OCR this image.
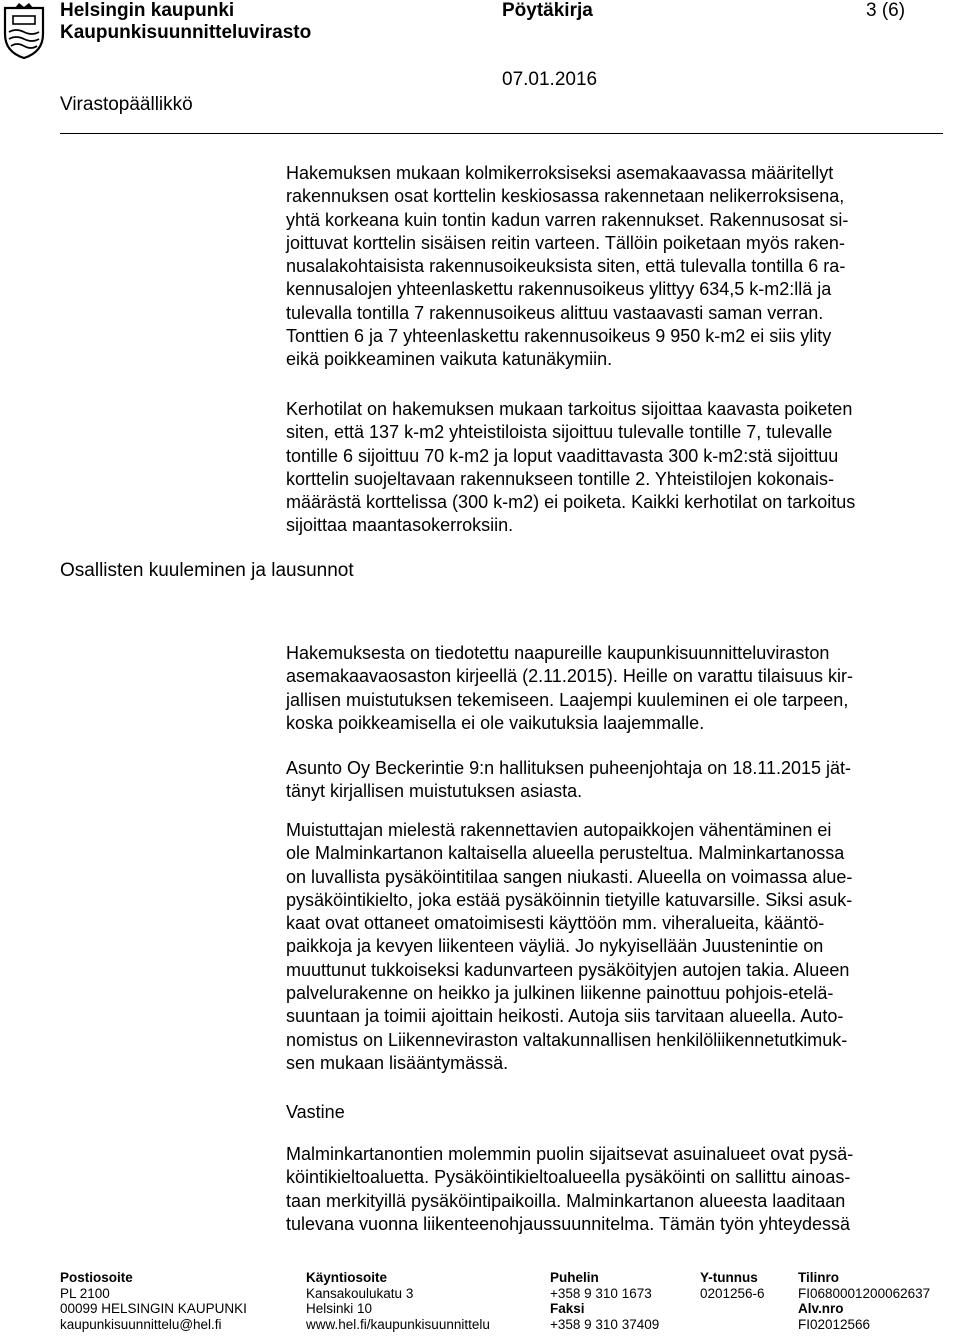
Helsingin kaupunki
Kaupunkisuunnitteluvirasto
Pöytäkirja	3 (6)
07.01.2016
Virastopäällikkö
Osallisten kuuleminen ja lausunnot

Hakemuksen mukaan kolmikerroksiseksi asemakaavassa määritellyt

rakennuksen osat korttelin keskiosassa rakennetaan nelikerroksisena,

yhtä korkeana kuin tontin kadun varren rakennukset. Rakennusosat si-

joittuvat korttelin sisäisen reitin varteen. Tällöin poiketaan myös raken-

nusalakohtaisista rakennusoikeuksista siten, että tulevalla tontilla 6 ra-

kennusalojen yhteenlaskettu rakennusoikeus ylittyy 634,5 k-m2:llä ja

tulevalla tontilla 7 rakennusoikeus alittuu vastaavasti saman verran.

Tonttien 6 ja 7 yhteenlaskettu rakennusoikeus 9 950 k-m2 ei siis ylity

eikä poikkeaminen vaikuta katunäkymiin.

Kerhotilat on hakemuksen mukaan tarkoitus sijoittaa kaavasta poiketen

siten, että 137 k-m2 yhteistiloista sijoittuu tulevalle tontille 7, tulevalle

tontille 6 sijoittuu 70 k-m2 ja loput vaadittavasta 300 k-m2:stä sijoittuu

korttelin suojeltavaan rakennukseen tontille 2. Yhteistilojen kokonais-

määrästä korttelissa (300 k-m2) ei poiketa. Kaikki kerhotilat on tarkoitus

sijoittaa maantasokerroksiin.

Hakemuksesta on tiedotettu naapureille kaupunkisuunnitteluviraston

asemakaavaosaston kirjeellä (2.11.2015). Heille on varattu tilaisuus kir-

jallisen muistutuksen tekemiseen. Laajempi kuuleminen ei ole tarpeen,

koska poikkeamisella ei ole vaikutuksia laajemmalle.

Asunto Oy Beckerintie 9:n hallituksen puheenjohtaja on 18.11.2015 jät-

tänyt kirjallisen muistutuksen asiasta.

Muistuttajan mielestä rakennettavien autopaikkojen vähentäminen ei

ole Malminkartanon kaltaisella alueella perusteltua. Malminkartanossa

on luvallista pysäköintitilaa sangen niukasti. Alueella on voimassa alue-

pysäköintikielto, joka estää pysäköinnin tietyille katuvarsille. Siksi asuk-

kaat ovat ottaneet omatoimisesti käyttöön mm. viheralueita, kääntö-

paikkoja ja kevyen liikenteen väyliä. Jo nykyisellään Juustenintie on

muuttunut tukkoiseksi kadunvarteen pysäköityjen autojen takia. Alueen

palvelurakenne on heikko ja julkinen liikenne painottuu pohjois-etelä-

suuntaan ja toimii ajoittain heikosti. Autoja siis tarvitaan alueella. Auto-

nomistus on Liikenneviraston valtakunnallisen henkilöliikennetutkimuk-

sen mukaan lisääntymässä.

Vastine

Malminkartanontien molemmin puolin sijaitsevat asuinalueet ovat pysä-

köintikieltoaluetta. Pysäköintikieltoalueella pysäköinti on sallittu ainoas-

taan merkityillä pysäköintipaikoilla. Malminkartanon alueesta laaditaan

tulevana vuonna liikenteenohjaussuunnitelma. Tämän työn yhteydessä

Postiosoite
PL 2100
00099 HELSINGIN KAUPUNKI
kaupunkisuunnittelu@hel.fi
Käyntiosoite
Kansakoulukatu 3
Helsinki 10
www.hel.fi/kaupunkisuunnittelu
Puhelin
+358 9 310 1673
Faksi
+358 9 310 37409
Y-tunnus
0201256-6
Tilinro
FI0680001200062637
Alv.nro
FI02012566
